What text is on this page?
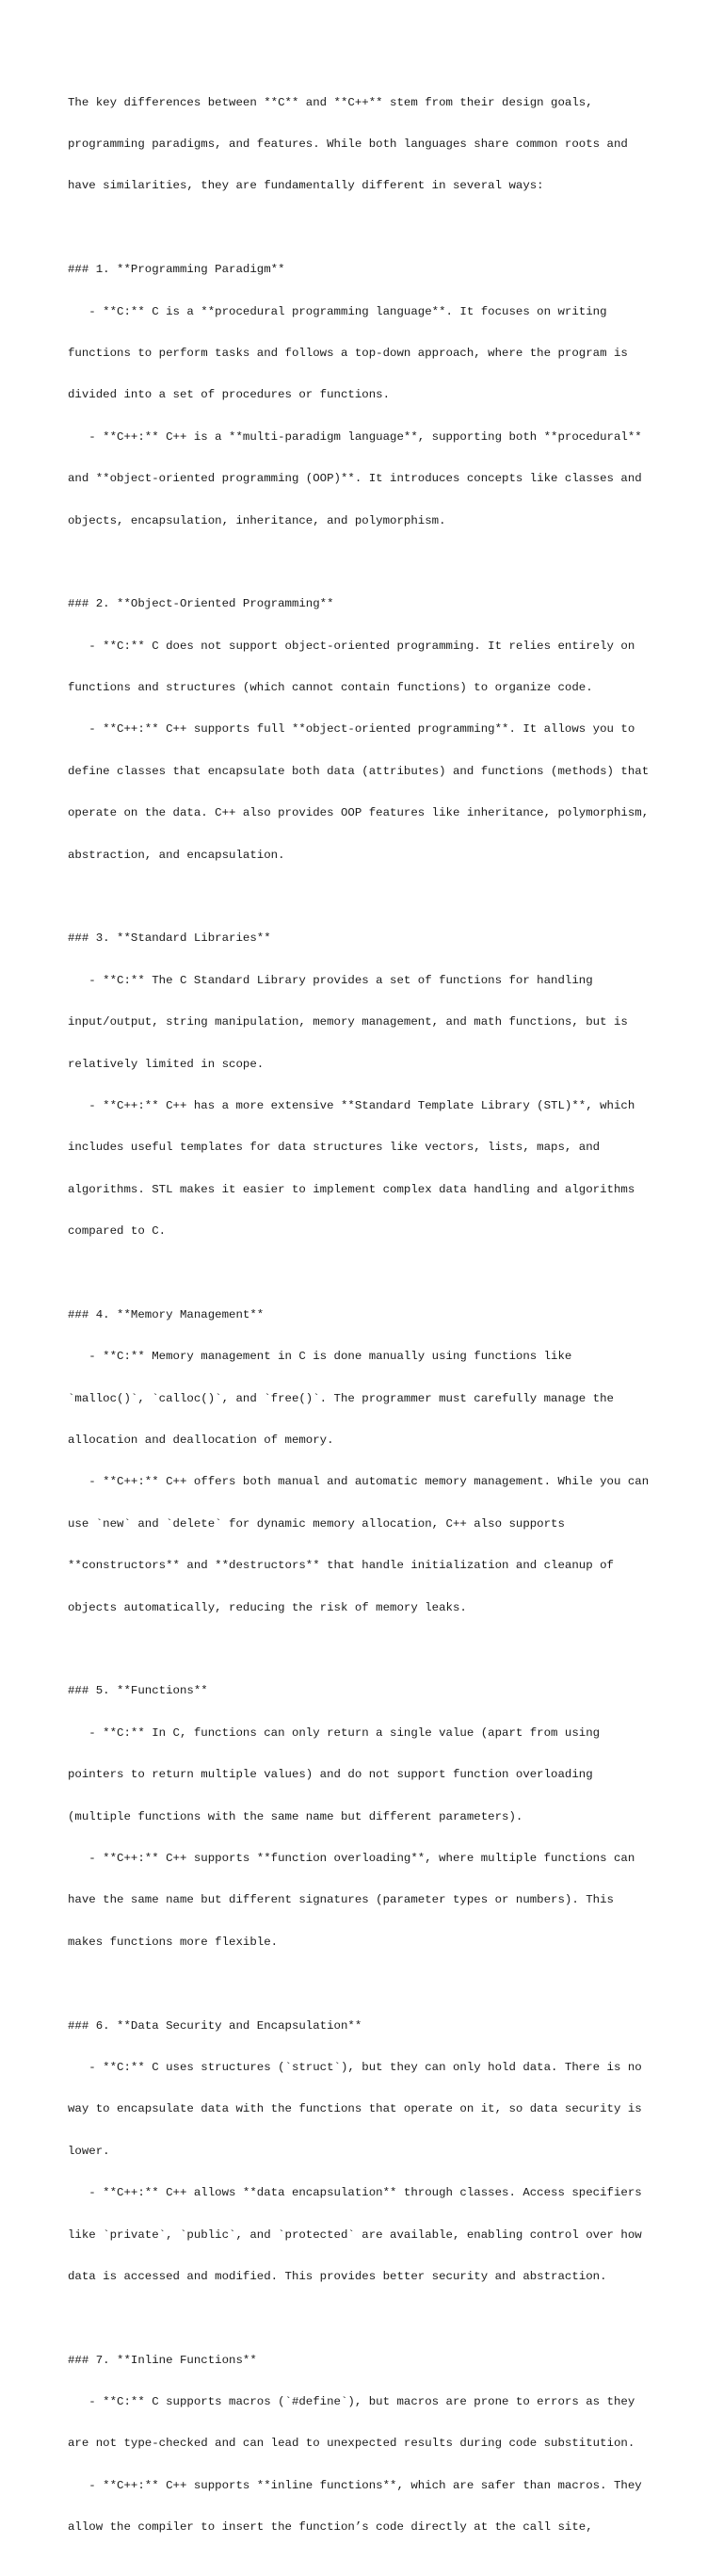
The key differences between **C** and **C++** stem from their design goals,

programming paradigms, and features. While both languages share common roots and

have similarities, they are fundamentally different in several ways:

### 1. **Programming Paradigm**

- **C:** C is a **procedural programming language**. It focuses on writing

functions to perform tasks and follows a top-down approach, where the program is

divided into a set of procedures or functions.

- **C++:** C++ is a **multi-paradigm language**, supporting both **procedural**

and **object-oriented programming (OOP)**. It introduces concepts like classes and

objects, encapsulation, inheritance, and polymorphism.

### 2. **Object-Oriented Programming**

- **C:** C does not support object-oriented programming. It relies entirely on

functions and structures (which cannot contain functions) to organize code.

- **C++:** C++ supports full **object-oriented programming**. It allows you to

define classes that encapsulate both data (attributes) and functions (methods) that

operate on the data. C++ also provides OOP features like inheritance, polymorphism,

abstraction, and encapsulation.

### 3. **Standard Libraries**

- **C:** The C Standard Library provides a set of functions for handling

input/output, string manipulation, memory management, and math functions, but is

relatively limited in scope.

- **C++:** C++ has a more extensive **Standard Template Library (STL)**, which

includes useful templates for data structures like vectors, lists, maps, and

algorithms. STL makes it easier to implement complex data handling and algorithms

compared to C.

### 4. **Memory Management**

- **C:** Memory management in C is done manually using functions like

`malloc()`, `calloc()`, and `free()`. The programmer must carefully manage the

allocation and deallocation of memory.

- **C++:** C++ offers both manual and automatic memory management. While you can

use `new` and `delete` for dynamic memory allocation, C++ also supports

**constructors** and **destructors** that handle initialization and cleanup of

objects automatically, reducing the risk of memory leaks.

### 5. **Functions**

- **C:** In C, functions can only return a single value (apart from using

pointers to return multiple values) and do not support function overloading

(multiple functions with the same name but different parameters).

- **C++:** C++ supports **function overloading**, where multiple functions can

have the same name but different signatures (parameter types or numbers). This

makes functions more flexible.

### 6. **Data Security and Encapsulation**

- **C:** C uses structures (`struct`), but they can only hold data. There is no

way to encapsulate data with the functions that operate on it, so data security is

lower.

- **C++:** C++ allows **data encapsulation** through classes. Access specifiers

like `private`, `public`, and `protected` are available, enabling control over how

data is accessed and modified. This provides better security and abstraction.

### 7. **Inline Functions**

- **C:** C supports macros (`#define`), but macros are prone to errors as they

are not type-checked and can lead to unexpected results during code substitution.

- **C++:** C++ supports **inline functions**, which are safer than macros. They

allow the compiler to insert the function’s code directly at the call site,
